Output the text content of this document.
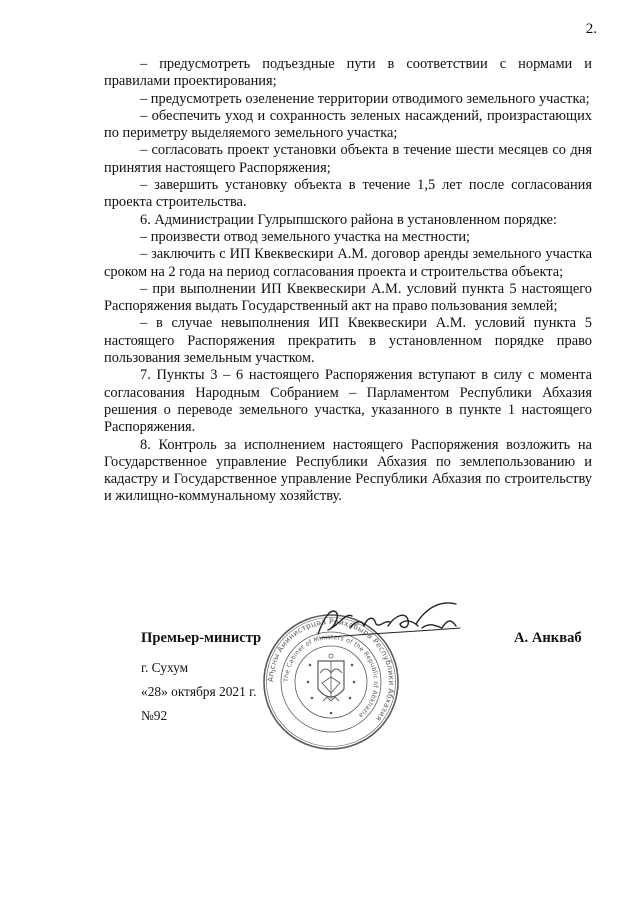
2.

– предусмотреть подъездные пути в соответствии с нормами и правилами проектирования;

– предусмотреть озеленение территории отводимого земельного участка;

– обеспечить уход и сохранность зеленых насаждений, произрастающих по периметру выделяемого земельного участка;

– согласовать проект установки объекта в течение шести месяцев со дня принятия настоящего Распоряжения;

– завершить установку объекта в течение 1,5 лет после согласования проекта строительства.

6. Администрации Гулрыпшского района в установленном порядке:

– произвести отвод земельного участка на местности;

– заключить с ИП Квеквескири А.М. договор аренды земельного участка сроком на 2 года на период согласования проекта и строительства объекта;

– при выполнении ИП Квеквескири А.М. условий пункта 5 настоящего Распоряжения выдать Государственный акт на право пользования землей;

– в случае невыполнения ИП Квеквескири А.М. условий пункта 5 настоящего Распоряжения прекратить в установленном порядке право пользования земельным участком.

7. Пункты 3 – 6 настоящего Распоряжения вступают в силу с момента согласования Народным Собранием – Парламентом Республики Абхазия решения о переводе земельного участка, указанного в пункте 1 настоящего Распоряжения.

8. Контроль за исполнением настоящего Распоряжения возложить на Государственное управление Республики Абхазия по землепользованию и кадастру и Государственное управление Республики Абхазия по строительству и жилищно-коммунальному хозяйству.

Аҧсны Аминистрцәа Реиҳабыра Республики Абхазия
The Cabinet of Ministers of the Republic of Abkhazia
Премьер-министр	А. Анкваб
г. Сухум
«28» октября 2021 г.
№92
